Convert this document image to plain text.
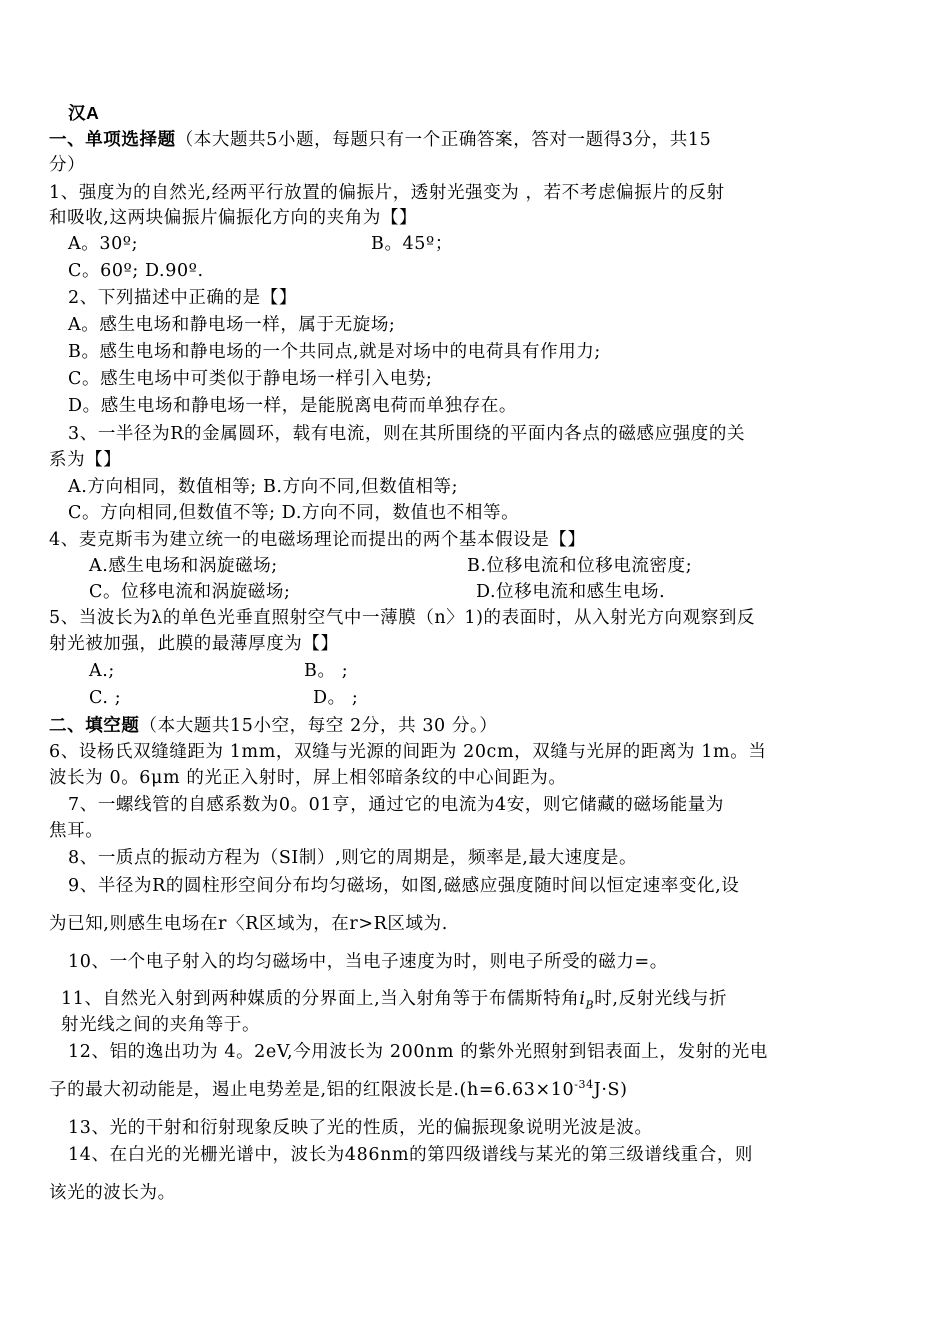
汉A
一、单项选择题（本大题共5小题，每题只有一个正确答案，答对一题得3分，共15
分）
1、强度为的自然光,经两平行放置的偏振片，透射光强变为 ，若不考虑偏振片的反射
和吸收,这两块偏振片偏振化方向的夹角为【】
A。30º;	B。45º；
C。60º; D.90º.
2、下列描述中正确的是【】
A。感生电场和静电场一样，属于无旋场;
B。感生电场和静电场的一个共同点,就是对场中的电荷具有作用力;
C。感生电场中可类似于静电场一样引入电势;
D。感生电场和静电场一样，是能脱离电荷而单独存在。
3、一半径为R的金属圆环，载有电流，则在其所围绕的平面内各点的磁感应强度的关
系为【】
A.方向相同，数值相等; B.方向不同,但数值相等;
C。方向相同,但数值不等; D.方向不同，数值也不相等。
4、麦克斯韦为建立统一的电磁场理论而提出的两个基本假设是【】
A.感生电场和涡旋磁场;	B.位移电流和位移电流密度;
C。位移电流和涡旋磁场;	D.位移电流和感生电场.
5、当波长为λ的单色光垂直照射空气中一薄膜（n〉1)的表面时，从入射光方向观察到反
射光被加强，此膜的最薄厚度为【】
A.;	B。 ;
C. ;	D。 ;
二、填空题（本大题共15小空，每空 2分，共 30 分。）
6、设杨氏双缝缝距为 1mm，双缝与光源的间距为 20cm，双缝与光屏的距离为 1m。当
波长为 0。6μm 的光正入射时，屏上相邻暗条纹的中心间距为。
7、一螺线管的自感系数为0。01亨，通过它的电流为4安，则它储藏的磁场能量为
焦耳。
8、一质点的振动方程为（SI制）,则它的周期是，频率是,最大速度是。
9、半径为R的圆柱形空间分布均匀磁场，如图,磁感应强度随时间以恒定速率变化,设
为已知,则感生电场在r〈R区域为，在r>R区域为.
10、一个电子射入的均匀磁场中，当电子速度为时，则电子所受的磁力=。
11、自然光入射到两种媒质的分界面上,当入射角等于布儒斯特角$i_B$时,反射光线与折
射光线之间的夹角等于。
12、铝的逸出功为 4。2eV,今用波长为 200nm 的紫外光照射到铝表面上，发射的光电
子的最大初动能是，遏止电势差是,铝的红限波长是$.(h=6.63\times 10^{-34}J\cdot S)$
13、光的干射和衍射现象反映了光的性质，光的偏振现象说明光波是波。
14、在白光的光栅光谱中，波长为486nm的第四级谱线与某光的第三级谱线重合，则
该光的波长为。
